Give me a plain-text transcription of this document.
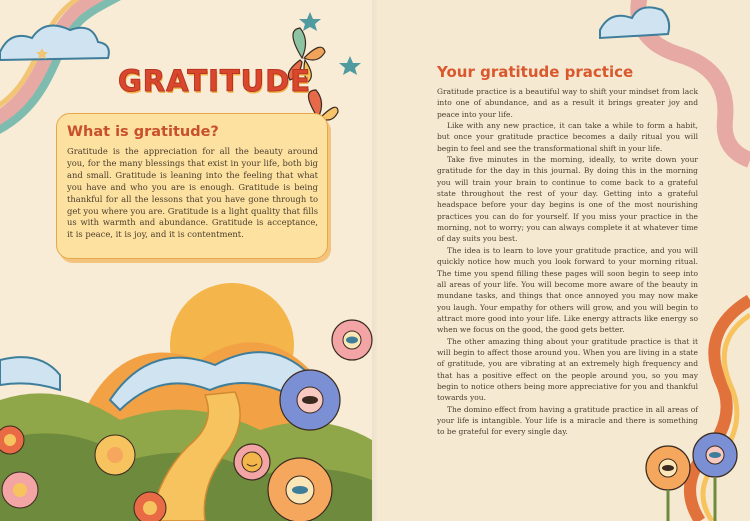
GRATITUDE
What is gratitude?

Gratitude is the appreciation for all the beauty around you, for the many blessings that exist in your life, both big and small. Gratitude is leaning into the feeling that what you have and who you are is enough. Gratitude is being thankful for all the lessons that you have gone through to get you where you are. Gratitude is a light quality that fills us with warmth and abundance. Gratitude is acceptance, it is peace, it is joy, and it is contentment.

Your gratitude practice

Gratitude practice is a beautiful way to shift your mindset from lack into one of abundance, and as a result it brings greater joy and peace into your life.

Like with any new practice, it can take a while to form a habit, but once your gratitude practice becomes a daily ritual you will begin to feel and see the transformational shift in your life.

Take five minutes in the morning, ideally, to write down your gratitude for the day in this journal. By doing this in the morning you will train your brain to continue to come back to a grateful state throughout the rest of your day. Getting into a grateful headspace before your day begins is one of the most nourishing practices you can do for yourself. If you miss your practice in the morning, not to worry; you can always complete it at whatever time of day suits you best.

The idea is to learn to love your gratitude practice, and you will quickly notice how much you look forward to your morning ritual. The time you spend filling these pages will soon begin to seep into all areas of your life. You will become more aware of the beauty in mundane tasks, and things that once annoyed you may now make you laugh. Your empathy for others will grow, and you will begin to attract more good into your life. Like energy attracts like energy so when we focus on the good, the good gets better.

The other amazing thing about your gratitude practice is that it will begin to affect those around you. When you are living in a state of gratitude, you are vibrating at an extremely high frequency and that has a positive effect on the people around you, so you may begin to notice others being more appreciative for you and thankful towards you.

The domino effect from having a gratitude practice in all areas of your life is intangible. Your life is a miracle and there is something to be grateful for every single day.
